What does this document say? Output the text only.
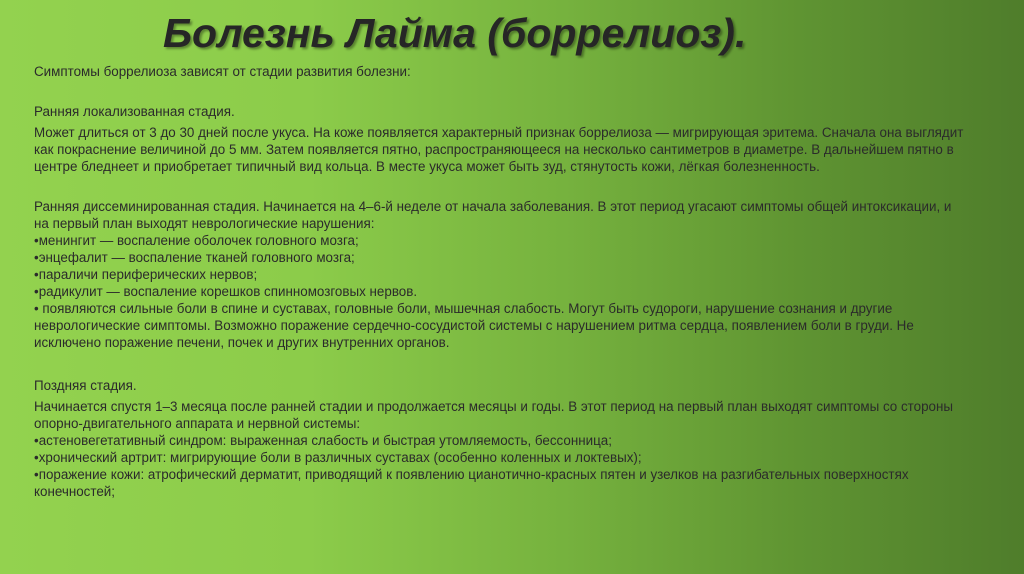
Болезнь Лайма (боррелиоз).

Симптомы боррелиоза зависят от стадии развития болезни:

Ранняя локализованная стадия.

Может длиться от 3 до 30 дней после укуса. На коже появляется характерный признак боррелиоза — мигрирующая эритема. Сначала она выглядит как покраснение величиной до 5 мм. Затем появляется пятно, распространяющееся на несколько сантиметров в диаметре. В дальнейшем пятно в центре бледнеет и приобретает типичный вид кольца. В месте укуса может быть зуд, стянутость кожи, лёгкая болезненность.

Ранняя диссеминированная стадия. Начинается на 4–6-й неделе от начала заболевания. В этот период угасают симптомы общей интоксикации, и на первый план выходят неврологические нарушения:

•менингит — воспаление оболочек головного мозга;

•энцефалит — воспаление тканей головного мозга;

•параличи периферических нервов;

•радикулит — воспаление корешков спинномозговых нервов.

• появляются сильные боли в спине и суставах, головные боли, мышечная слабость. Могут быть судороги, нарушение сознания и другие неврологические симптомы. Возможно поражение сердечно-сосудистой системы с нарушением ритма сердца, появлением боли в груди. Не исключено поражение печени, почек и других внутренних органов.

Поздняя стадия.

Начинается спустя 1–3 месяца после ранней стадии и продолжается месяцы и годы. В этот период на первый план выходят симптомы со стороны опорно-двигательного аппарата и нервной системы:

•астеновегетативный синдром: выраженная слабость и быстрая утомляемость, бессонница;

•хронический артрит: мигрирующие боли в различных суставах (особенно коленных и локтевых);

•поражение кожи: атрофический дерматит, приводящий к появлению цианотично-красных пятен и узелков на разгибательных поверхностях конечностей;
